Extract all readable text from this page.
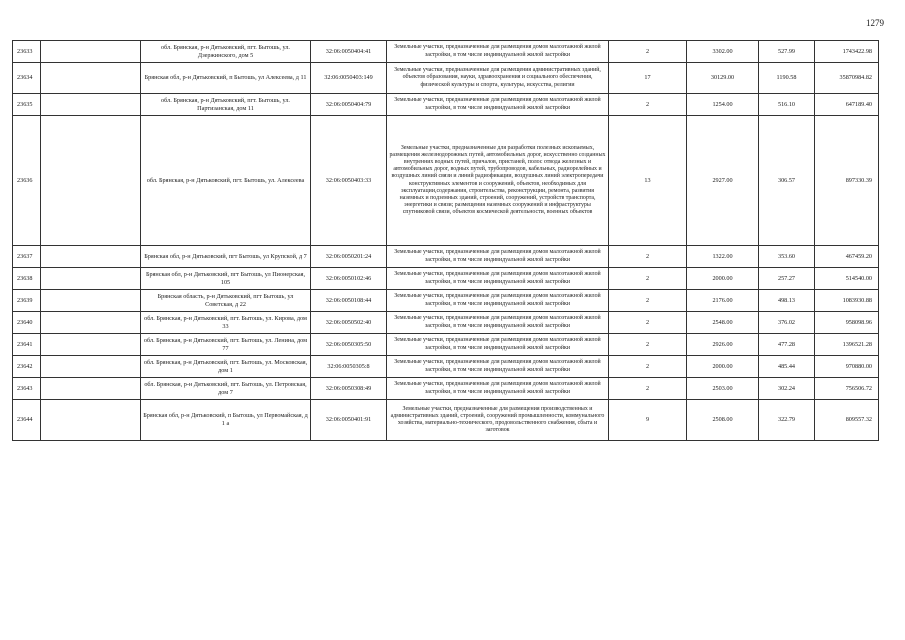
1279
23633		обл. Брянская, р-н Дятьковский, пгт. Бытошь, ул. Дзержинского, дом 5	32:06:0050404:41	Земельные участки, предназначенные для размещения домов малоэтажной жилой застройки, в том числе индивидуальной жилой застройки	2	3302.00	527.99	1743422.98
23634		Брянская обл, р-н Дятьковский, п Бытошь, ул Алексеева, д 11	32:06:0050403:149	Земельные участки, предназначенные для размещения административных зданий, объектов образования, науки, здравоохранения и социального обеспечения, физической культуры и спорта, культуры, искусства, религии	17	30129.00	1190.58	35870984.82
23635		обл. Брянская, р-н Дятьковский, пгт. Бытошь, ул. Партизанская, дом 11	32:06:0050404:79	Земельные участки, предназначенные для размещения домов малоэтажной жилой застройки, в том числе индивидуальной жилой застройки	2	1254.00	516.10	647189.40
23636		обл. Брянская, р-н Дятьковский, пгт. Бытошь, ул. Алексеева	32:06:0050403:33	Земельные участки, предназначенные для разработки полезных ископаемых, размещения железнодорожных путей, автомобильных дорог, искусственно созданных внутренних водных путей, причалов, пристаней, полос отвода железных и автомобильных дорог, водных путей, трубопроводов, кабельных, радиорелейных и воздушных линий связи и линий радиофикации, воздушных линий электропередачи конструктивных элементов и сооружений, объектов, необходимых для эксплуатации,содержания, строительства, реконструкции, ремонта, развития наземных и подземных зданий, строений, сооружений, устройств транспорта, энергетики и связи; размещения наземных сооружений и инфраструктуры спутниковой связи, объектов космической деятельности, военных объектов	13	2927.00	306.57	897330.39
23637		Брянская обл, р-н Дятьковский, пгт Бытошь, ул Крупской, д 7	32:06:0050201:24	Земельные участки, предназначенные для размещения домов малоэтажной жилой застройки, в том числе индивидуальной жилой застройки	2	1322.00	353.60	467459.20
23638		Брянская обл, р-н Дятьковский, пгт Бытошь, ул Пионерская, 105	32:06:0050102:46	Земельные участки, предназначенные для размещения домов малоэтажной жилой застройки, в том числе индивидуальной жилой застройки	2	2000.00	257.27	514540.00
23639		Брянская область, р-н Дятьковский, пгт Бытошь, ул Советская, д 22	32:06:0050108:44	Земельные участки, предназначенные для размещения домов малоэтажной жилой застройки, в том числе индивидуальной жилой застройки	2	2176.00	498.13	1083930.88
23640		обл. Брянская, р-н Дятьковский, пгт. Бытошь, ул. Кирова, дом 33	32:06:0050502:40	Земельные участки, предназначенные для размещения домов малоэтажной жилой застройки, в том числе индивидуальной жилой застройки	2	2548.00	376.02	958098.96
23641		обл. Брянская, р-н Дятьковский, пгт. Бытошь, ул. Ленина, дом 77	32:06:0050305:50	Земельные участки, предназначенные для размещения домов малоэтажной жилой застройки, в том числе индивидуальной жилой застройки	2	2926.00	477.28	1396521.28
23642		обл. Брянская, р-н Дятьковский, пгт. Бытошь, ул. Московская, дом 1	32:06:0050305:8	Земельные участки, предназначенные для размещения домов малоэтажной жилой застройки, в том числе индивидуальной жилой застройки	2	2000.00	485.44	970880.00
23643		обл. Брянская, р-н Дятьковский, пгт. Бытошь, ул. Петровская, дом 7	32:06:0050308:49	Земельные участки, предназначенные для размещения домов малоэтажной жилой застройки, в том числе индивидуальной жилой застройки	2	2503.00	302.24	756506.72
23644		Брянская обл, р-н Дятьковский, п Бытошь, ул Первомайская, д 1 а	32:06:0050401:91	Земельные участки, предназначенные для размещения производственных и административных зданий, строений, сооружений промышленности, коммунального хозяйства, материально-технического, продовольственного снабжения, сбыта и заготовок	9	2508.00	322.79	809557.32
